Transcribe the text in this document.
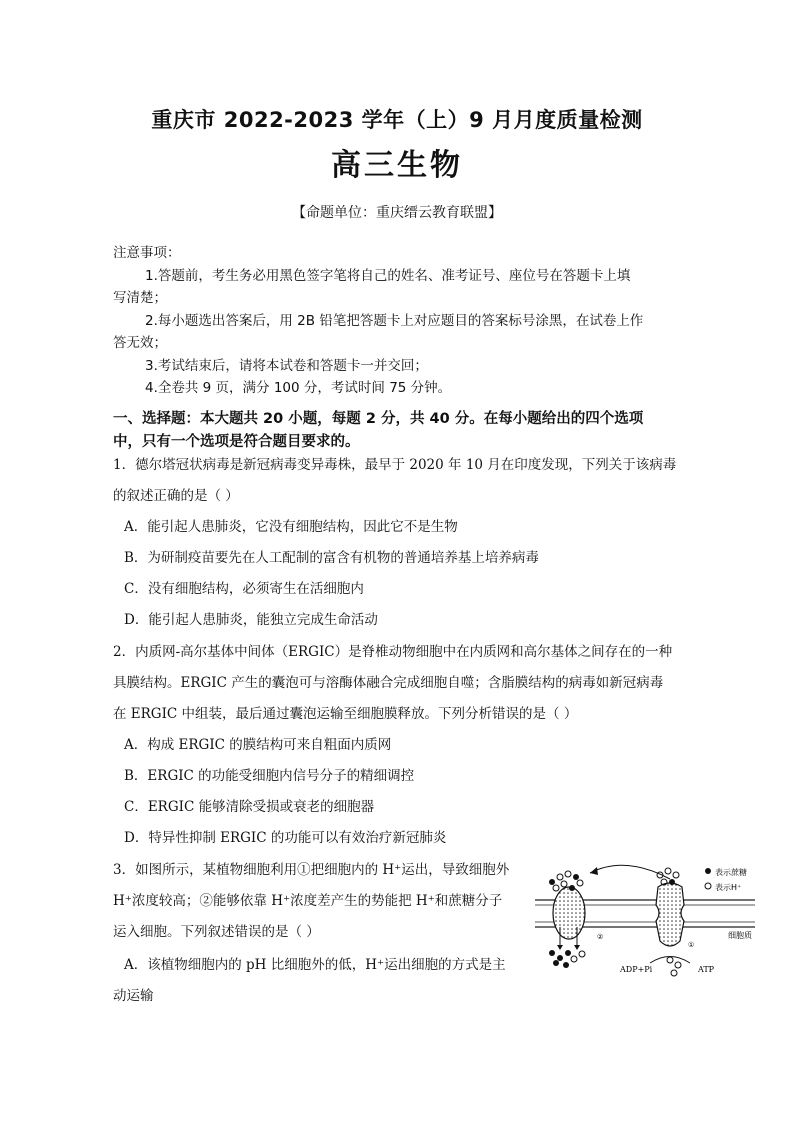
重庆市 2022-2023 学年（上）9 月月度质量检测
高三生物
【命题单位：重庆缙云教育联盟】
注意事项：
1.答题前，考生务必用黑色签字笔将自己的姓名、准考证号、座位号在答题卡上填
写清楚；
2.每小题选出答案后，用 2B 铅笔把答题卡上对应题目的答案标号涂黑，在试卷上作
答无效；
3.考试结束后，请将本试卷和答题卡一并交回；
4.全卷共 9 页，满分 100 分，考试时间 75 分钟。
一、选择题：本大题共 20 小题，每题 2 分，共 40 分。在每小题给出的四个选项
中，只有一个选项是符合题目要求的。
1．德尔塔冠状病毒是新冠病毒变异毒株，最早于 2020 年 10 月在印度发现，下列关于该病毒
的叙述正确的是（ ）
A．能引起人患肺炎，它没有细胞结构，因此它不是生物
B．为研制疫苗要先在人工配制的富含有机物的普通培养基上培养病毒
C．没有细胞结构，必须寄生在活细胞内
D．能引起人患肺炎，能独立完成生命活动
2．内质网-高尔基体中间体（ERGIC）是脊椎动物细胞中在内质网和高尔基体之间存在的一种
具膜结构。ERGIC 产生的囊泡可与溶酶体融合完成细胞自噬；含脂膜结构的病毒如新冠病毒
在 ERGIC 中组装，最后通过囊泡运输至细胞膜释放。下列分析错误的是（ ）
A．构成 ERGIC 的膜结构可来自粗面内质网
B．ERGIC 的功能受细胞内信号分子的精细调控
C．ERGIC 能够清除受损或衰老的细胞器
D．特异性抑制 ERGIC 的功能可以有效治疗新冠肺炎
3．如图所示，某植物细胞利用①把细胞内的 H⁺运出，导致细胞外
H⁺浓度较高；②能够依靠 H⁺浓度差产生的势能把 H⁺和蔗糖分子
运入细胞。下列叙述错误的是（ ）
A．该植物细胞内的 pH 比细胞外的低，H⁺运出细胞的方式是主
动运输
表示蔗糖
表示H⁺
细胞质
ADP+Pi	ATP
①
②
